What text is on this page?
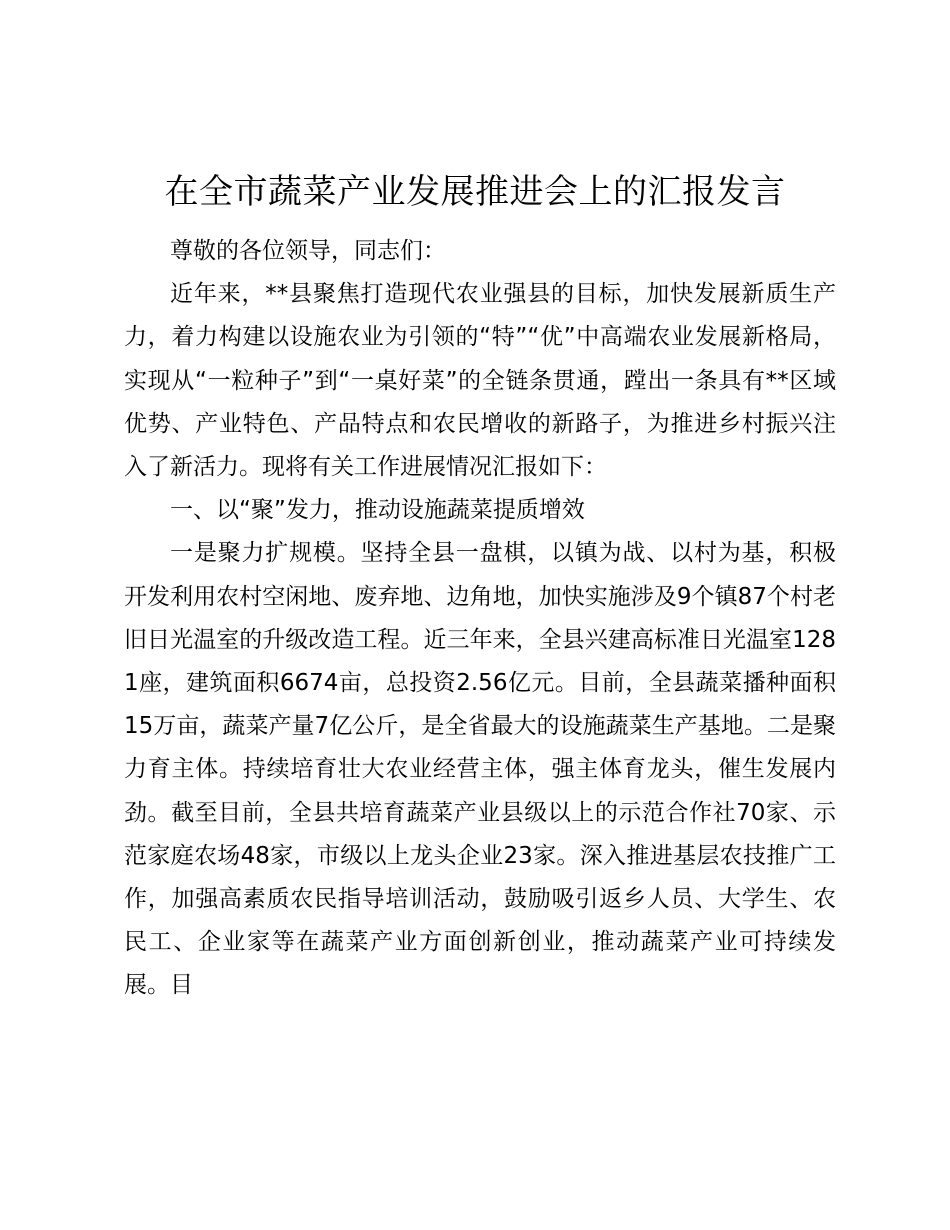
在全市蔬菜产业发展推进会上的汇报发言

尊敬的各位领导，同志们：

近年来，**县聚焦打造现代农业强县的目标，加快发展新质生产力，着力构建以设施农业为引领的“特”“优”中高端农业发展新格局，实现从“一粒种子”到“一桌好菜”的全链条贯通，蹚出一条具有**区域优势、产业特色、产品特点和农民增收的新路子，为推进乡村振兴注入了新活力。现将有关工作进展情况汇报如下：

一、以“聚”发力，推动设施蔬菜提质增效

一是聚力扩规模。坚持全县一盘棋，以镇为战、以村为基，积极开发利用农村空闲地、废弃地、边角地，加快实施涉及9个镇87个村老旧日光温室的升级改造工程。近三年来，全县兴建高标准日光温室1281座，建筑面积6674亩，总投资2.56亿元。目前，全县蔬菜播种面积15万亩，蔬菜产量7亿公斤，是全省最大的设施蔬菜生产基地。二是聚力育主体。持续培育壮大农业经营主体，强主体育龙头，催生发展内劲。截至目前，全县共培育蔬菜产业县级以上的示范合作社70家、示范家庭农场48家，市级以上龙头企业23家。深入推进基层农技推广工作，加强高素质农民指导培训活动，鼓励吸引返乡人员、大学生、农民工、企业家等在蔬菜产业方面创新创业，推动蔬菜产业可持续发展。目
